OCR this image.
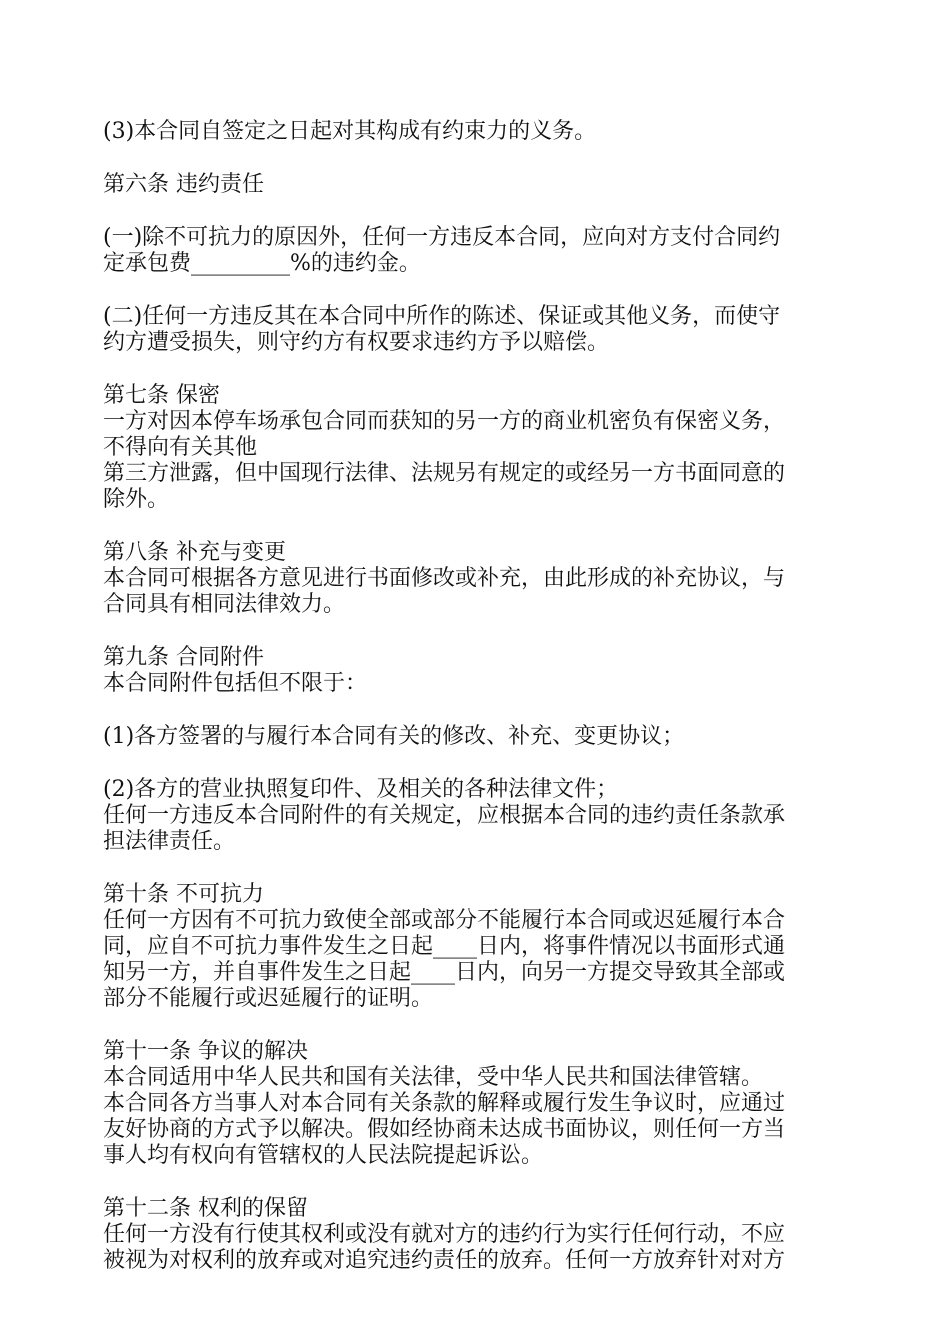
(3)本合同自签定之日起对其构成有约束力的义务。
第六条 违约责任
(一)除不可抗力的原因外，任何一方违反本合同，应向对方支付合同约
定承包费_________%的违约金。
(二)任何一方违反其在本合同中所作的陈述、保证或其他义务，而使守
约方遭受损失，则守约方有权要求违约方予以赔偿。
第七条 保密
一方对因本停车场承包合同而获知的另一方的商业机密负有保密义务，
不得向有关其他
第三方泄露，但中国现行法律、法规另有规定的或经另一方书面同意的
除外。
第八条 补充与变更
本合同可根据各方意见进行书面修改或补充，由此形成的补充协议，与
合同具有相同法律效力。
第九条 合同附件
本合同附件包括但不限于：
(1)各方签署的与履行本合同有关的修改、补充、变更协议；
(2)各方的营业执照复印件、及相关的各种法律文件；
任何一方违反本合同附件的有关规定，应根据本合同的违约责任条款承
担法律责任。
第十条 不可抗力
任何一方因有不可抗力致使全部或部分不能履行本合同或迟延履行本合
同，应自不可抗力事件发生之日起____日内，将事件情况以书面形式通
知另一方，并自事件发生之日起____日内，向另一方提交导致其全部或
部分不能履行或迟延履行的证明。
第十一条 争议的解决
本合同适用中华人民共和国有关法律，受中华人民共和国法律管辖。
本合同各方当事人对本合同有关条款的解释或履行发生争议时，应通过
友好协商的方式予以解决。假如经协商未达成书面协议，则任何一方当
事人均有权向有管辖权的人民法院提起诉讼。
第十二条 权利的保留
任何一方没有行使其权利或没有就对方的违约行为实行任何行动，不应
被视为对权利的放弃或对追究违约责任的放弃。任何一方放弃针对对方
